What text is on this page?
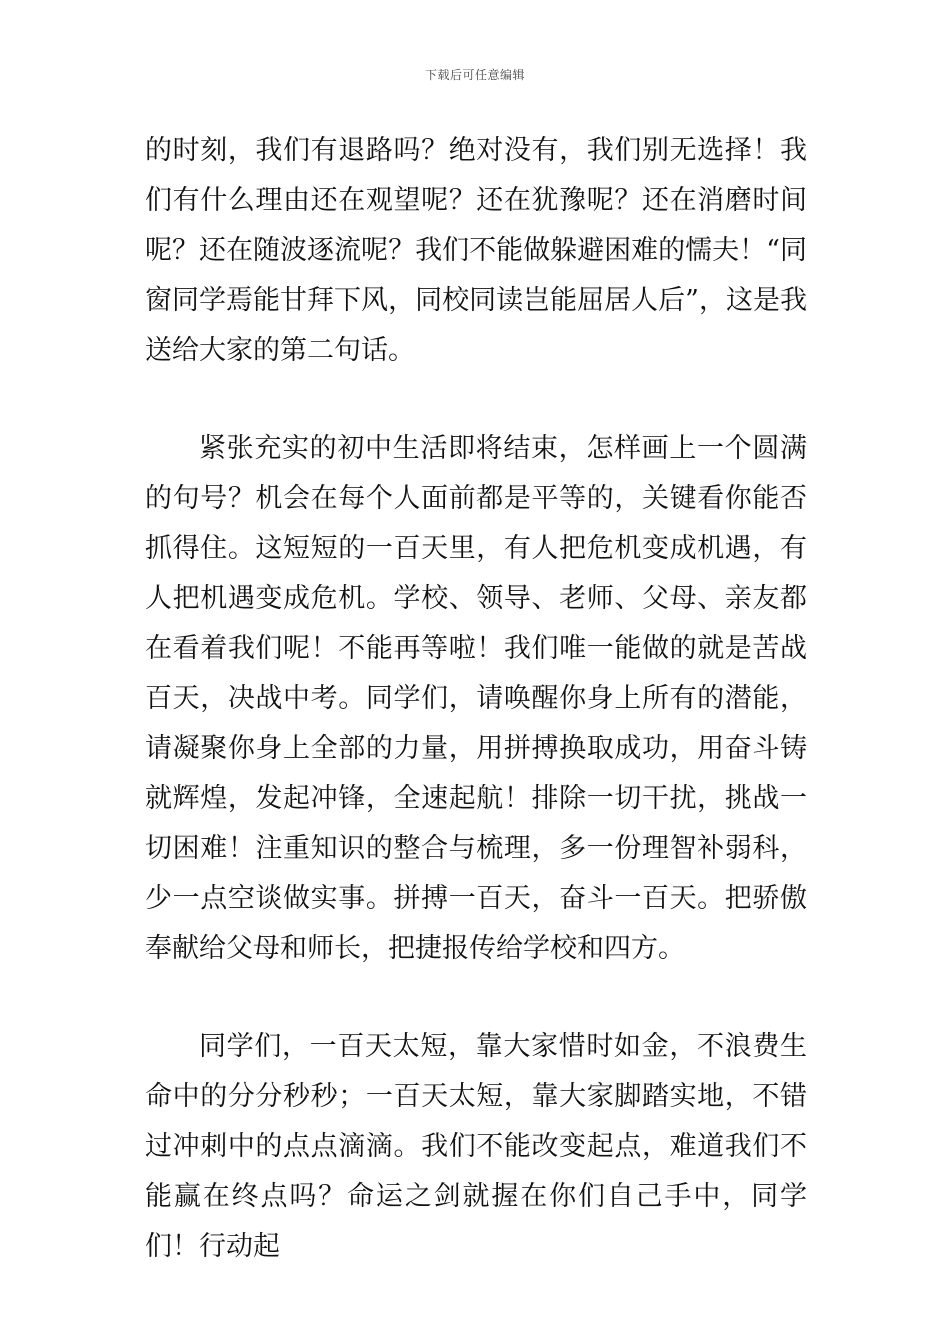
下载后可任意编辑

的时刻，我们有退路吗？绝对没有，我们别无选择！我们有什么理由还在观望呢？还在犹豫呢？还在消磨时间呢？还在随波逐流呢？我们不能做躲避困难的懦夫！“同窗同学焉能甘拜下风，同校同读岂能屈居人后”，这是我送给大家的第二句话。

紧张充实的初中生活即将结束，怎样画上一个圆满的句号？机会在每个人面前都是平等的，关键看你能否抓得住。这短短的一百天里，有人把危机变成机遇，有人把机遇变成危机。学校、领导、老师、父母、亲友都在看着我们呢！不能再等啦！我们唯一能做的就是苦战百天，决战中考。同学们，请唤醒你身上所有的潜能，请凝聚你身上全部的力量，用拼搏换取成功，用奋斗铸就辉煌，发起冲锋，全速起航！排除一切干扰，挑战一切困难！注重知识的整合与梳理，多一份理智补弱科，少一点空谈做实事。拼搏一百天，奋斗一百天。把骄傲奉献给父母和师长，把捷报传给学校和四方。

同学们，一百天太短，靠大家惜时如金，不浪费生命中的分分秒秒；一百天太短，靠大家脚踏实地，不错过冲刺中的点点滴滴。我们不能改变起点，难道我们不能赢在终点吗？命运之剑就握在你们自己手中，同学们！行动起
